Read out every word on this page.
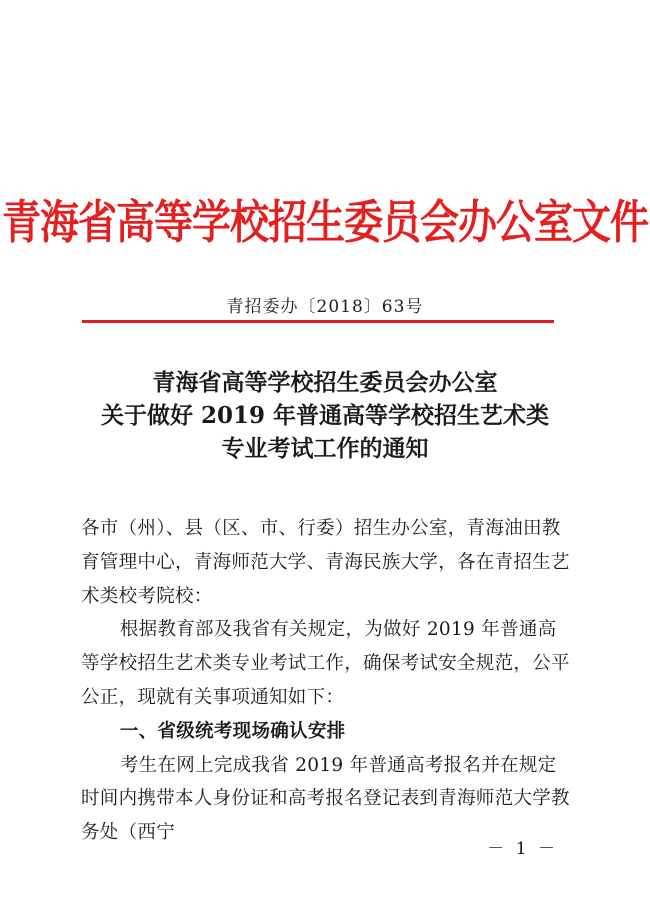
青海省高等学校招生委员会办公室文件
青招委办〔2018〕63号
青海省高等学校招生委员会办公室
关于做好 2019 年普通高等学校招生艺术类
专业考试工作的通知

各市（州）、县（区、市、行委）招生办公室，青海油田教育管理中心，青海师范大学、青海民族大学，各在青招生艺术类校考院校：

根据教育部及我省有关规定，为做好 2019 年普通高等学校招生艺术类专业考试工作，确保考试安全规范，公平公正，现就有关事项通知如下：

一、省级统考现场确认安排

考生在网上完成我省 2019 年普通高考报名并在规定时间内携带本人身份证和高考报名登记表到青海师范大学教务处（西宁

－ 1 －
